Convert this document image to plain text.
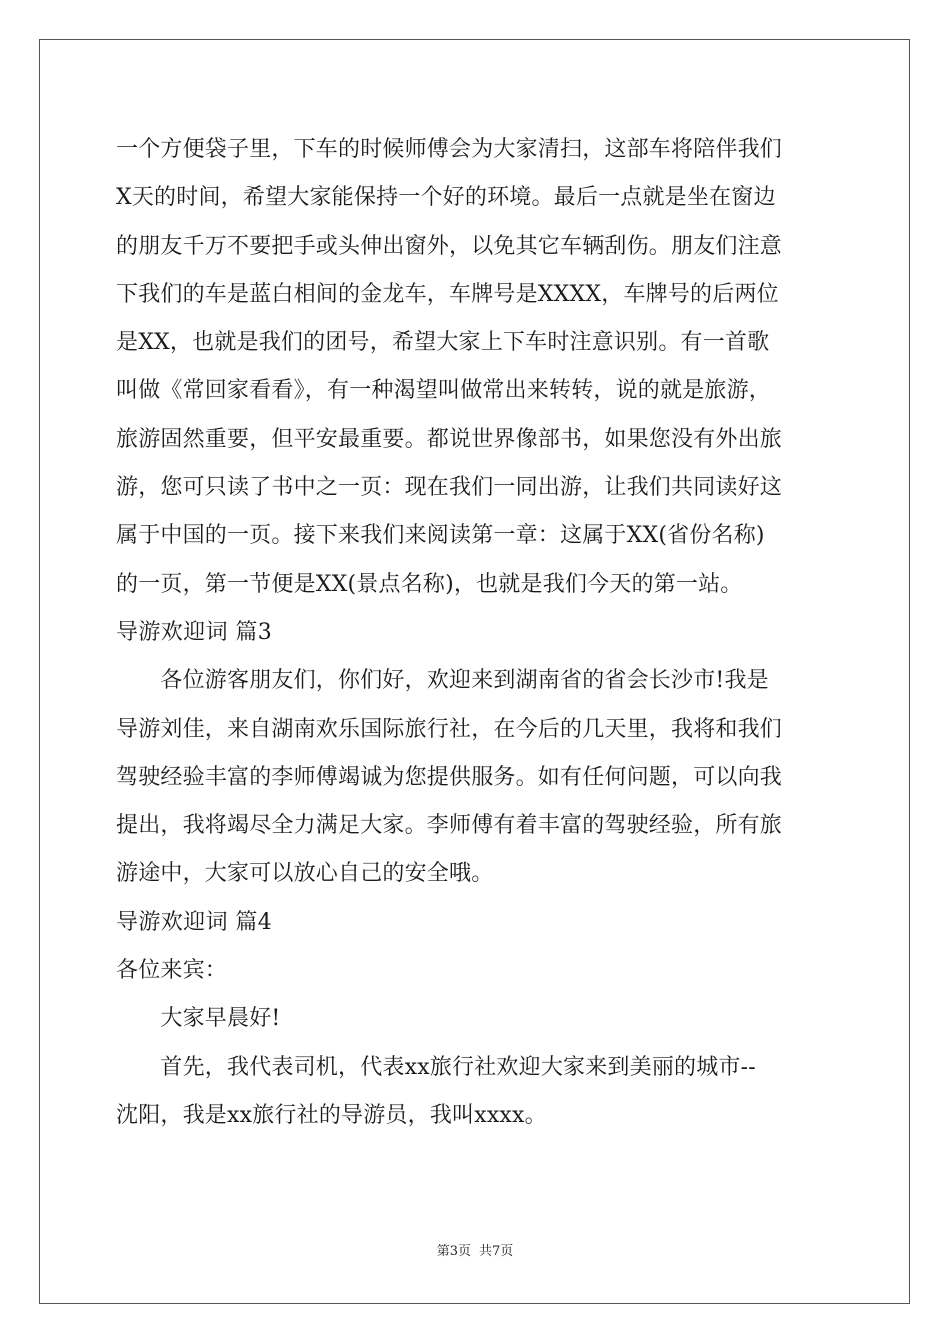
一个方便袋子里，下车的时候师傅会为大家清扫，这部车将陪伴我们
X天的时间，希望大家能保持一个好的环境。最后一点就是坐在窗边
的朋友千万不要把手或头伸出窗外，以免其它车辆刮伤。朋友们注意
下我们的车是蓝白相间的金龙车，车牌号是XXXX，车牌号的后两位
是XX，也就是我们的团号，希望大家上下车时注意识别。有一首歌
叫做《常回家看看》，有一种渴望叫做常出来转转，说的就是旅游，
旅游固然重要，但平安最重要。都说世界像部书，如果您没有外出旅
游，您可只读了书中之一页：现在我们一同出游，让我们共同读好这
属于中国的一页。接下来我们来阅读第一章：这属于XX(省份名称)
的一页，第一节便是XX(景点名称)，也就是我们今天的第一站。
导游欢迎词 篇3
　　各位游客朋友们，你们好，欢迎来到湖南省的省会长沙市!我是
导游刘佳，来自湖南欢乐国际旅行社，在今后的几天里，我将和我们
驾驶经验丰富的李师傅竭诚为您提供服务。如有任何问题，可以向我
提出，我将竭尽全力满足大家。李师傅有着丰富的驾驶经验，所有旅
游途中，大家可以放心自己的安全哦。
导游欢迎词 篇4
各位来宾：
　　大家早晨好!
　　首先，我代表司机，代表xx旅行社欢迎大家来到美丽的城市--
沈阳，我是xx旅行社的导游员，我叫xxxx。
第3页 共7页
